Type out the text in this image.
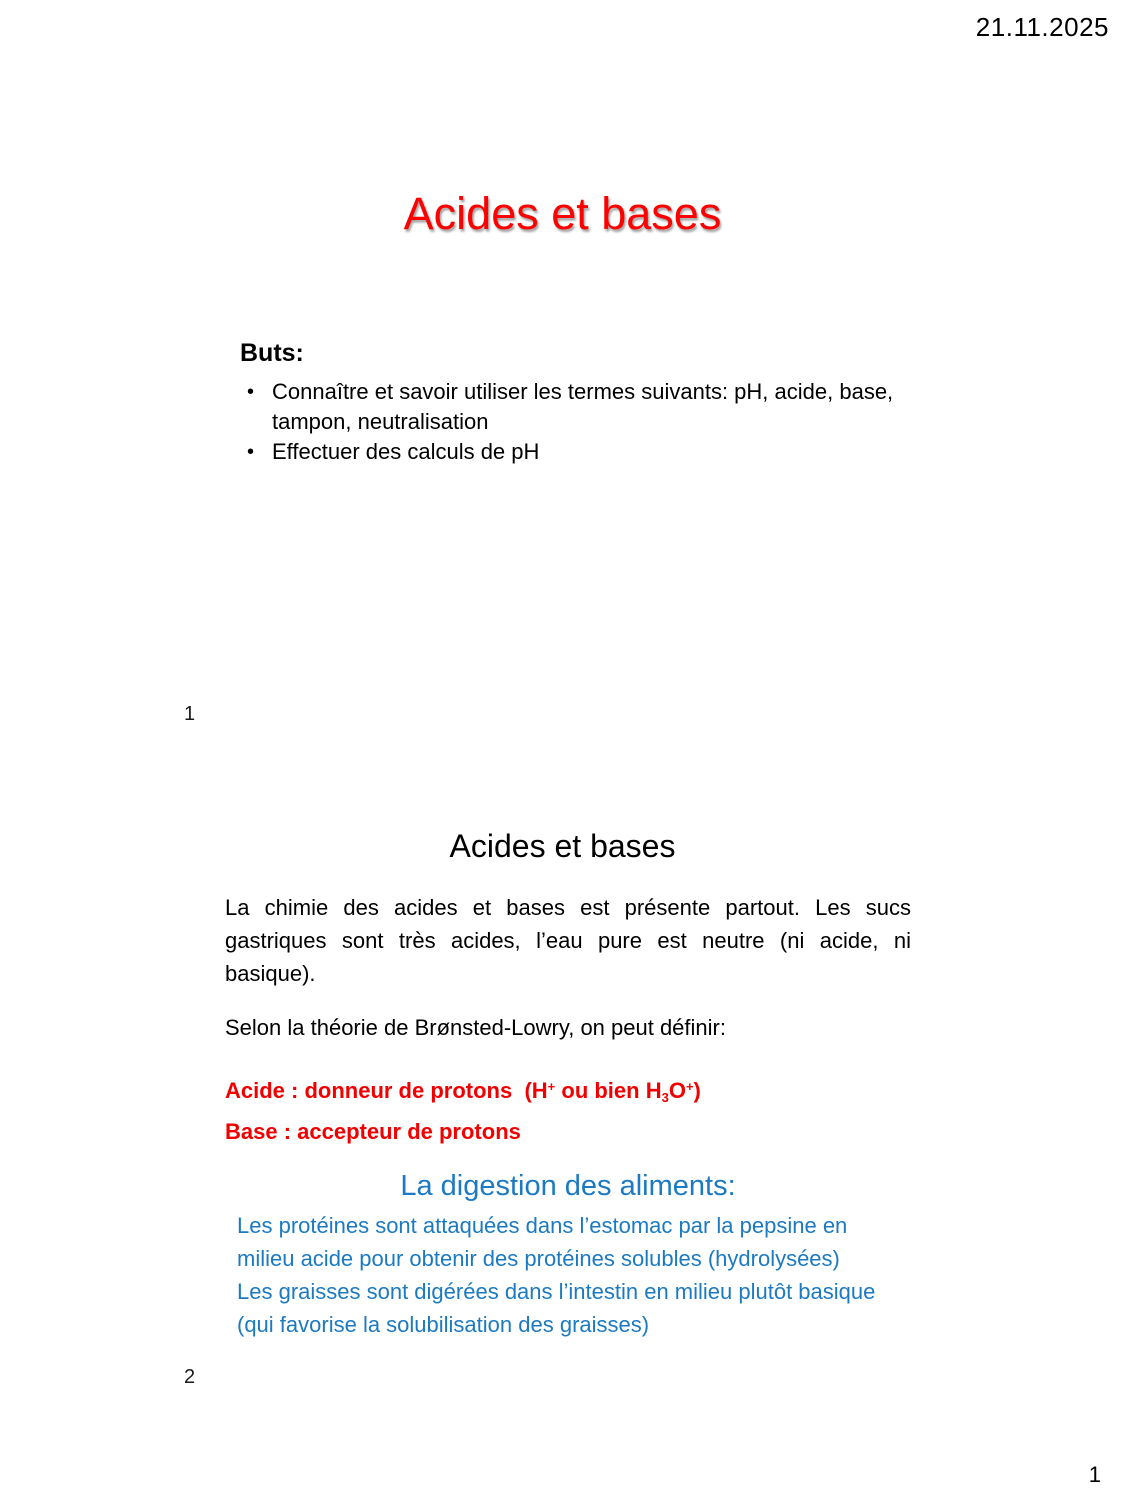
21.11.2025
Acides et bases
Buts:
• Connaître et savoir utiliser les termes suivants: pH, acide, base, tampon, neutralisation
• Effectuer des calculs de pH
1
Acides et bases

La chimie des acides et bases est présente partout. Les sucs gastriques sont très acides, l’eau pure est neutre (ni acide, ni basique).

Selon la théorie de Brønsted-Lowry, on peut définir:

Acide : donneur de protons  (H+ ou bien H3O+)
Base : accepteur de protons
La digestion des aliments:
Les protéines sont attaquées dans l’estomac par la pepsine en milieu acide pour obtenir des protéines solubles (hydrolysées)
Les graisses sont digérées dans l’intestin en milieu plutôt basique (qui favorise la solubilisation des graisses)
2
1
